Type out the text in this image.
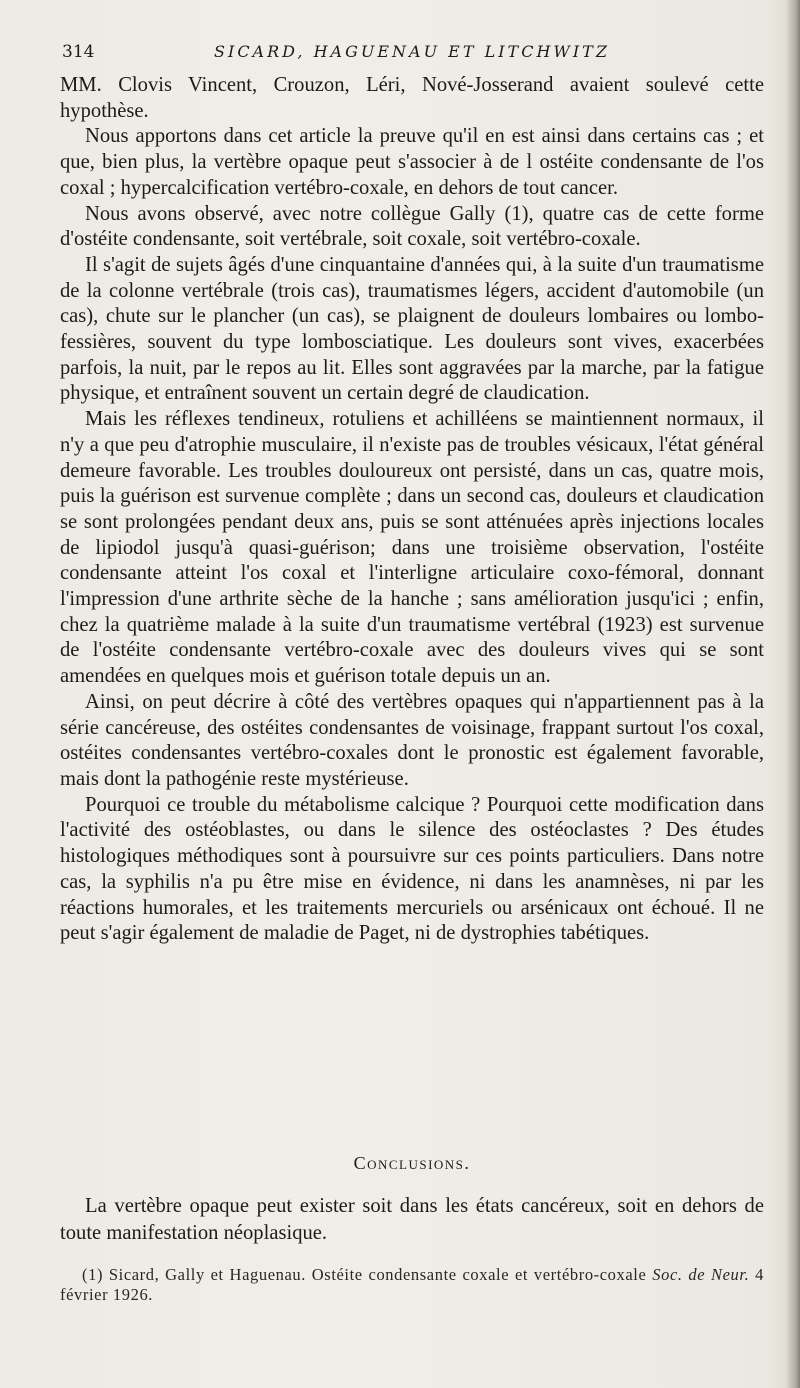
314	SICARD, HAGUENAU ET LITCHWITZ

MM. Clovis Vincent, Crouzon, Léri, Nové-Josserand avaient soulevé cette hypothèse.

Nous apportons dans cet article la preuve qu'il en est ainsi dans certains cas ; et que, bien plus, la vertèbre opaque peut s'associer à de l ostéite condensante de l'os coxal ; hypercalcification vertébro-coxale, en dehors de tout cancer.

Nous avons observé, avec notre collègue Gally (1), quatre cas de cette forme d'ostéite condensante, soit vertébrale, soit coxale, soit vertébro-coxale.

Il s'agit de sujets âgés d'une cinquantaine d'années qui, à la suite d'un traumatisme de la colonne vertébrale (trois cas), traumatismes légers, accident d'automobile (un cas), chute sur le plancher (un cas), se plaignent de douleurs lombaires ou lombo-fessières, souvent du type lombosciatique. Les douleurs sont vives, exacerbées parfois, la nuit, par le repos au lit. Elles sont aggravées par la marche, par la fatigue physique, et entraînent souvent un certain degré de claudication.

Mais les réflexes tendineux, rotuliens et achilléens se maintiennent normaux, il n'y a que peu d'atrophie musculaire, il n'existe pas de troubles vésicaux, l'état général demeure favorable. Les troubles douloureux ont persisté, dans un cas, quatre mois, puis la guérison est survenue complète ; dans un second cas, douleurs et claudication se sont prolongées pendant deux ans, puis se sont atténuées après injections locales de lipiodol jusqu'à quasi-guérison; dans une troisième observation, l'ostéite condensante atteint l'os coxal et l'interligne articulaire coxo-fémoral, donnant l'impression d'une arthrite sèche de la hanche ; sans amélioration jusqu'ici ; enfin, chez la quatrième malade à la suite d'un traumatisme vertébral (1923) est survenue de l'ostéite condensante vertébro-coxale avec des douleurs vives qui se sont amendées en quelques mois et guérison totale depuis un an.

Ainsi, on peut décrire à côté des vertèbres opaques qui n'appartiennent pas à la série cancéreuse, des ostéites condensantes de voisinage, frappant surtout l'os coxal, ostéites condensantes vertébro-coxales dont le pronostic est également favorable, mais dont la pathogénie reste mystérieuse.

Pourquoi ce trouble du métabolisme calcique ? Pourquoi cette modification dans l'activité des ostéoblastes, ou dans le silence des ostéoclastes ? Des études histologiques méthodiques sont à poursuivre sur ces points particuliers. Dans notre cas, la syphilis n'a pu être mise en évidence, ni dans les anamnèses, ni par les réactions humorales, et les traitements mercuriels ou arsénicaux ont échoué. Il ne peut s'agir également de maladie de Paget, ni de dystrophies tabétiques.

Conclusions.

La vertèbre opaque peut exister soit dans les états cancéreux, soit en dehors de toute manifestation néoplasique.

(1) Sicard, Gally et Haguenau. Ostéite condensante coxale et vertébro-coxale Soc. de Neur. 4 février 1926.
